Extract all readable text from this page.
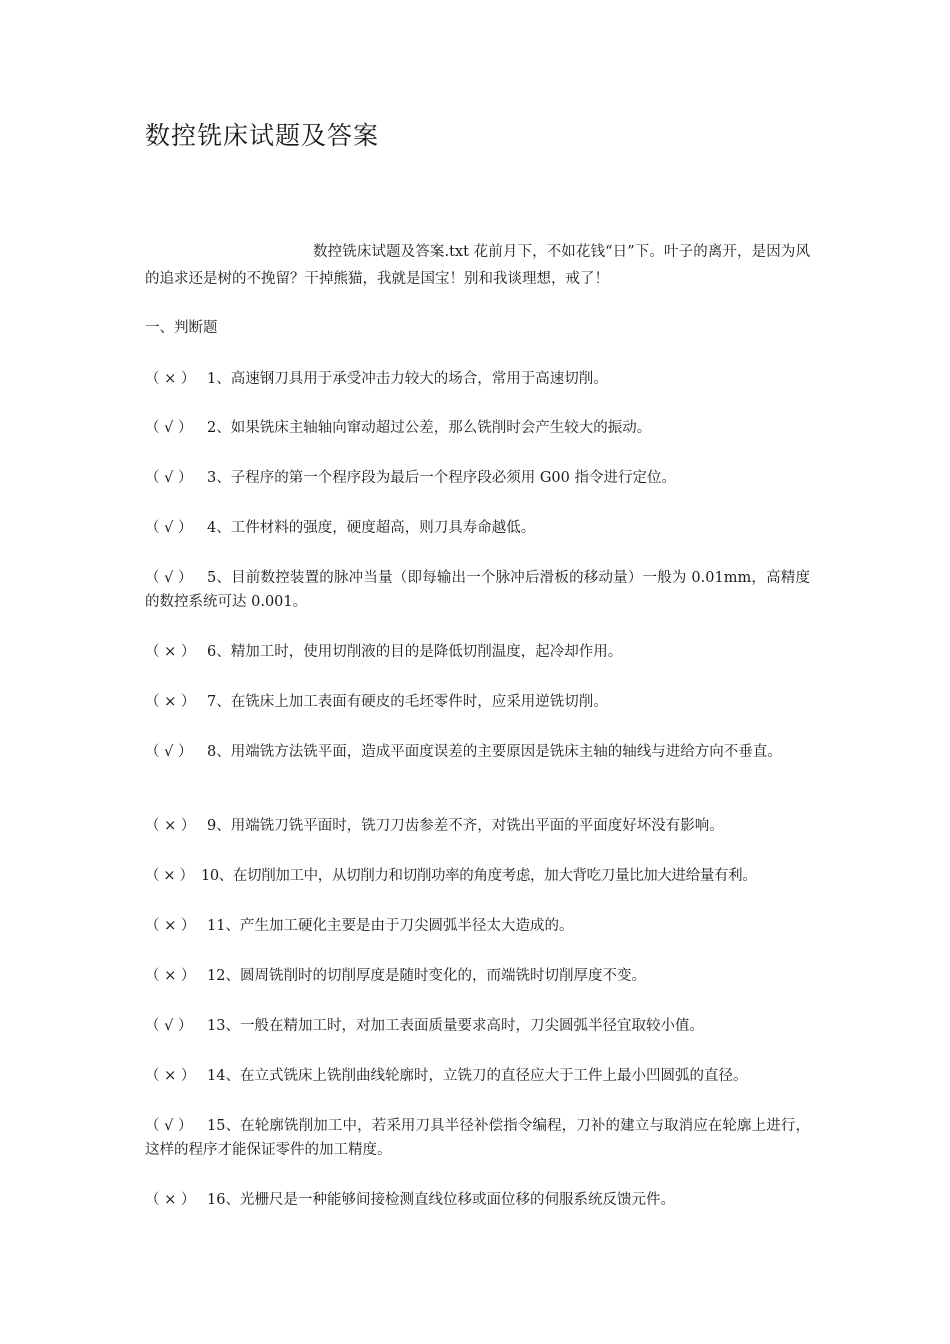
数控铣床试题及答案

数控铣床试题及答案.txt 花前月下，不如花钱“日”下。叶子的离开，是因为风的追求还是树的不挽留？干掉熊猫，我就是国宝！别和我谈理想，戒了！

一、判断题

（ × ） 1、高速钢刀具用于承受冲击力较大的场合，常用于高速切削。

（ √ ） 2、如果铣床主轴轴向窜动超过公差，那么铣削时会产生较大的振动。

（ √ ） 3、子程序的第一个程序段为最后一个程序段必须用 G00 指令进行定位。

（ √ ） 4、工件材料的强度，硬度超高，则刀具寿命越低。

（ √ ） 5、目前数控装置的脉冲当量（即每输出一个脉冲后滑板的移动量）一般为 0.01mm，高精度的数控系统可达 0.001。

（ × ） 6、精加工时，使用切削液的目的是降低切削温度，起冷却作用。

（ × ） 7、在铣床上加工表面有硬皮的毛坯零件时，应采用逆铣切削。

（ √ ） 8、用端铣方法铣平面，造成平面度误差的主要原因是铣床主轴的轴线与进给方向不垂直。

（ × ） 9、用端铣刀铣平面时，铣刀刀齿参差不齐，对铣出平面的平面度好坏没有影响。

（ × ） 10、在切削加工中，从切削力和切削功率的角度考虑，加大背吃刀量比加大进给量有利。

（ × ） 11、产生加工硬化主要是由于刀尖圆弧半径太大造成的。

（ × ） 12、圆周铣削时的切削厚度是随时变化的，而端铣时切削厚度不变。

（ √ ） 13、一般在精加工时，对加工表面质量要求高时，刀尖圆弧半径宜取较小值。

（ × ） 14、在立式铣床上铣削曲线轮廓时，立铣刀的直径应大于工件上最小凹圆弧的直径。

（ √ ） 15、在轮廓铣削加工中，若采用刀具半径补偿指令编程，刀补的建立与取消应在轮廓上进行，这样的程序才能保证零件的加工精度。

（ × ） 16、光栅尺是一种能够间接检测直线位移或面位移的伺服系统反馈元件。
